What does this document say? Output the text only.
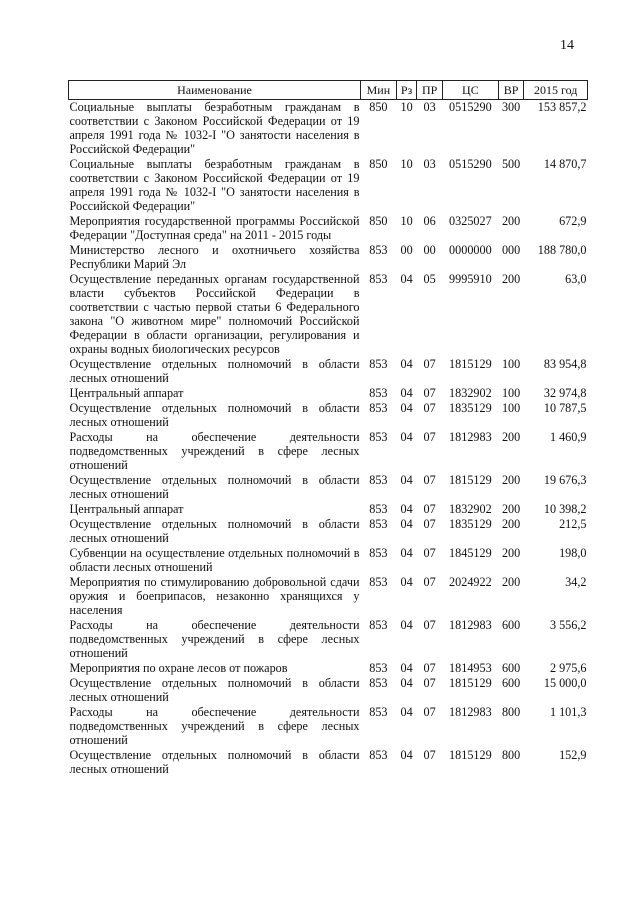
14
Наименование	Мин	Рз	ПР	ЦС	ВР	2015 год
Социальные выплаты безработным гражданам в соответствии с Законом Российской Федерации от 19 апреля 1991 года № 1032-I "О занятости населения в Российской Федерации"	850	10	03	0515290	300	153 857,2
Социальные выплаты безработным гражданам в соответствии с Законом Российской Федерации от 19 апреля 1991 года № 1032-I "О занятости населения в Российской Федерации"	850	10	03	0515290	500	14 870,7
Мероприятия государственной программы Российской Федерации "Доступная среда" на 2011 - 2015 годы	850	10	06	0325027	200	672,9
Министерство лесного и охотничьего хозяйства Республики Марий Эл	853	00	00	0000000	000	188 780,0
Осуществление переданных органам государственной власти субъектов Российской Федерации в соответствии с частью первой статьи 6 Федерального закона "О животном мире" полномочий Российской Федерации в области организации, регулирования и охраны водных биологических ресурсов	853	04	05	9995910	200	63,0
Осуществление отдельных полномочий в области лесных отношений	853	04	07	1815129	100	83 954,8
Центральный аппарат	853	04	07	1832902	100	32 974,8
Осуществление отдельных полномочий в области лесных отношений	853	04	07	1835129	100	10 787,5
Расходы на обеспечение деятельности подведомственных учреждений в сфере лесных отношений	853	04	07	1812983	200	1 460,9
Осуществление отдельных полномочий в области лесных отношений	853	04	07	1815129	200	19 676,3
Центральный аппарат	853	04	07	1832902	200	10 398,2
Осуществление отдельных полномочий в области лесных отношений	853	04	07	1835129	200	212,5
Субвенции на осуществление отдельных полномочий в области лесных отношений	853	04	07	1845129	200	198,0
Мероприятия по стимулированию добровольной сдачи оружия и боеприпасов, незаконно хранящихся у населения	853	04	07	2024922	200	34,2
Расходы на обеспечение деятельности подведомственных учреждений в сфере лесных отношений	853	04	07	1812983	600	3 556,2
Мероприятия по охране лесов от пожаров	853	04	07	1814953	600	2 975,6
Осуществление отдельных полномочий в области лесных отношений	853	04	07	1815129	600	15 000,0
Расходы на обеспечение деятельности подведомственных учреждений в сфере лесных отношений	853	04	07	1812983	800	1 101,3
Осуществление отдельных полномочий в области лесных отношений	853	04	07	1815129	800	152,9
